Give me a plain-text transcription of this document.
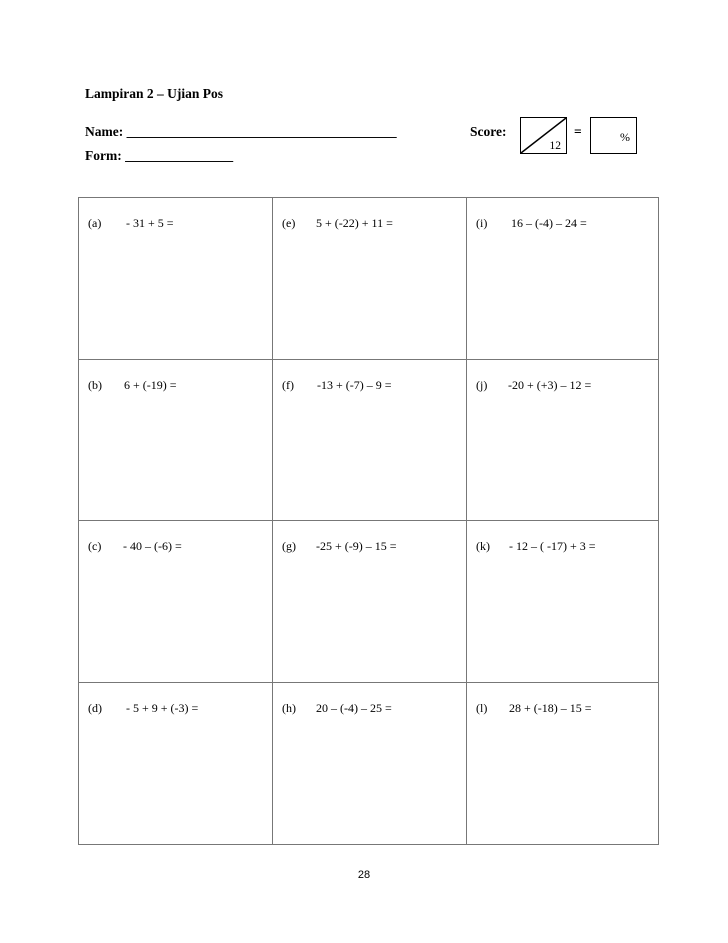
Lampiran 2 – Ujian Pos
Name: ________________________________________
Form: ________________
Score:
12
=	%
(a) - 31 + 5 =	(e) 5 + (-22) + 11 =	(i) 16 – (-4) – 24 =
(b) 6 + (-19) =	(f) -13 + (-7) – 9 =	(j) -20 + (+3) – 12 =
(c) - 40 – (-6) =	(g) -25 + (-9) – 15 =	(k) - 12 – ( -17) + 3 =
(d) - 5 + 9 + (-3) =	(h) 20 – (-4) – 25 =	(l) 28 + (-18) – 15 =
28
